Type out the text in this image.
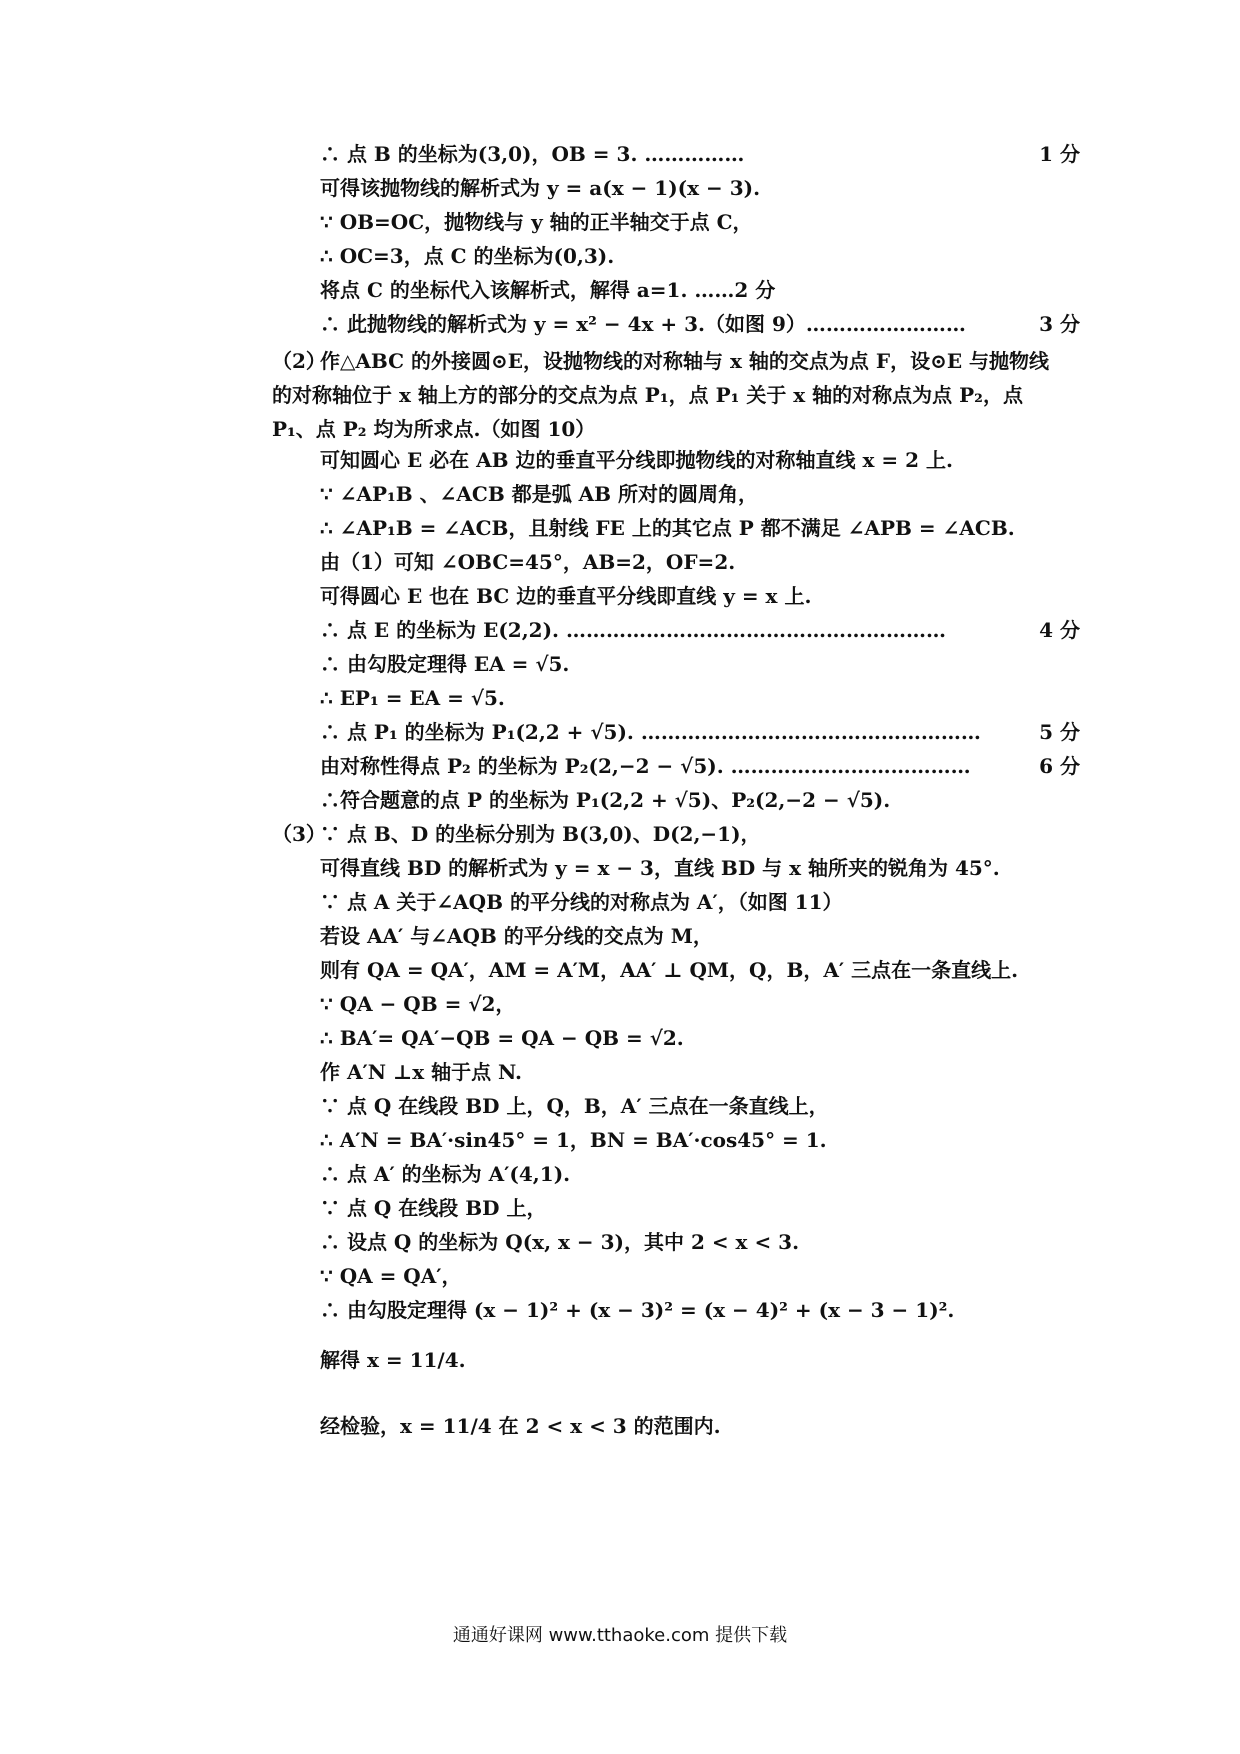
∴ 点 B 的坐标为(3,0)，OB = 3. ……………	1 分
可得该抛物线的解析式为 y = a(x − 1)(x − 3).
∵ OB=OC，抛物线与 y 轴的正半轴交于点 C，
∴ OC=3，点 C 的坐标为(0,3).
将点 C 的坐标代入该解析式，解得 a=1. ……2 分
∴ 此抛物线的解析式为 y = x² − 4x + 3.（如图 9）……………………	3 分
（2）作△ABC 的外接圆⊙E，设抛物线的对称轴与 x 轴的交点为点 F，设⊙E 与抛物线的对称轴位于 x 轴上方的部分的交点为点 P₁，点 P₁ 关于 x 轴的对称点为点 P₂，点 P₁、点 P₂ 均为所求点.（如图 10）
可知圆心 E 必在 AB 边的垂直平分线即抛物线的对称轴直线 x = 2 上.
∵ ∠AP₁B 、∠ACB 都是弧 AB 所对的圆周角，
∴ ∠AP₁B = ∠ACB，且射线 FE 上的其它点 P 都不满足 ∠APB = ∠ACB.
由（1）可知 ∠OBC=45°，AB=2，OF=2.
可得圆心 E 也在 BC 边的垂直平分线即直线 y = x 上.
∴ 点 E 的坐标为 E(2,2). …………………………………………………	4 分
∴ 由勾股定理得 EA = √5.
∴ EP₁ = EA = √5.
∴ 点 P₁ 的坐标为 P₁(2,2 + √5). ……………………………………………	5 分
由对称性得点 P₂ 的坐标为 P₂(2,−2 − √5). ………………………………	6 分
∴符合题意的点 P 的坐标为 P₁(2,2 + √5)、P₂(2,−2 − √5).
（3）∵ 点 B、D 的坐标分别为 B(3,0)、D(2,−1)，
可得直线 BD 的解析式为 y = x − 3，直线 BD 与 x 轴所夹的锐角为 45°.
∵ 点 A 关于∠AQB 的平分线的对称点为 A′，（如图 11）
若设 AA′ 与∠AQB 的平分线的交点为 M，
则有 QA = QA′，AM = A′M，AA′ ⊥ QM，Q，B，A′ 三点在一条直线上.
∵ QA − QB = √2，
∴ BA′= QA′−QB = QA − QB = √2.
作 A′N ⊥x 轴于点 N.
∵ 点 Q 在线段 BD 上，Q，B，A′ 三点在一条直线上，
∴ A′N = BA′·sin45° = 1，BN = BA′·cos45° = 1.
∴ 点 A′ 的坐标为 A′(4,1).
∵ 点 Q 在线段 BD 上，
∴ 设点 Q 的坐标为 Q(x, x − 3)，其中 2 < x < 3.
∵ QA = QA′，
∴ 由勾股定理得 (x − 1)² + (x − 3)² = (x − 4)² + (x − 3 − 1)².
解得 x = 11/4.
经检验，x = 11/4 在 2 < x < 3 的范围内.
通通好课网 www.tthaoke.com 提供下载
